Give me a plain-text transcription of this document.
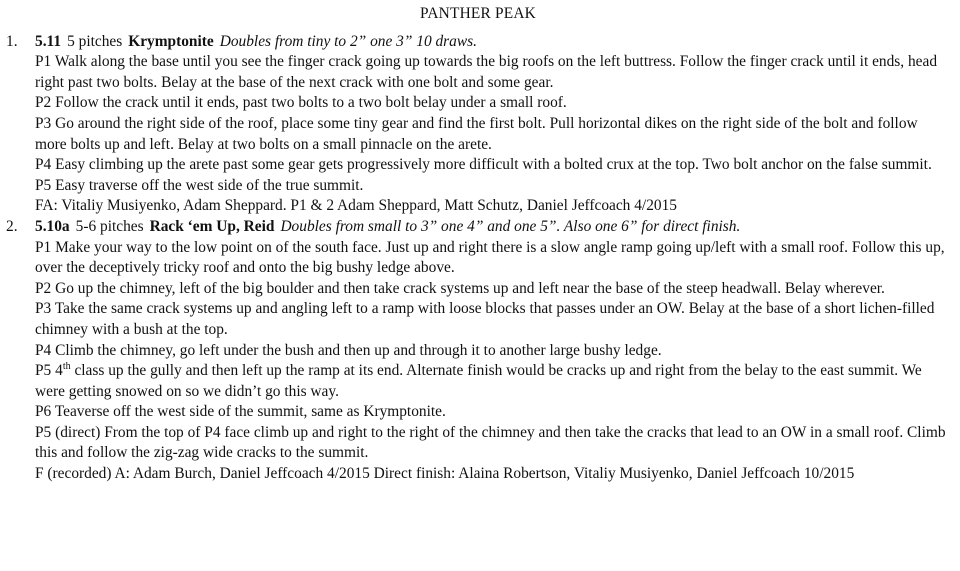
PANTHER PEAK
1.	5.11 5 pitches Krymptonite Doubles from tiny to 2” one 3” 10 draws.

P1 Walk along the base until you see the finger crack going up towards the big roofs on the left buttress. Follow the finger crack until it ends, head right past two bolts. Belay at the base of the next crack with one bolt and some gear.

P2 Follow the crack until it ends, past two bolts to a two bolt belay under a small roof.

P3 Go around the right side of the roof, place some tiny gear and find the first bolt. Pull horizontal dikes on the right side of the bolt and follow more bolts up and left. Belay at two bolts on a small pinnacle on the arete.

P4 Easy climbing up the arete past some gear gets progressively more difficult with a bolted crux at the top. Two bolt anchor on the false summit.

P5 Easy traverse off the west side of the true summit.

FA: Vitaliy Musiyenko, Adam Sheppard. P1 & 2 Adam Sheppard, Matt Schutz, Daniel Jeffcoach 4/2015

2.	5.10a 5-6 pitches Rack ‘em Up, Reid Doubles from small to 3” one 4” and one 5”. Also one 6” for direct finish.

P1 Make your way to the low point on of the south face. Just up and right there is a slow angle ramp going up/left with a small roof. Follow this up, over the deceptively tricky roof and onto the big bushy ledge above.

P2 Go up the chimney, left of the big boulder and then take crack systems up and left near the base of the steep headwall. Belay wherever.

P3 Take the same crack systems up and angling left to a ramp with loose blocks that passes under an OW. Belay at the base of a short lichen-filled chimney with a bush at the top.

P4 Climb the chimney, go left under the bush and then up and through it to another large bushy ledge.

P5 4th class up the gully and then left up the ramp at its end. Alternate finish would be cracks up and right from the belay to the east summit. We were getting snowed on so we didn’t go this way.

P6 Teaverse off the west side of the summit, same as Krymptonite.

P5 (direct) From the top of P4 face climb up and right to the right of the chimney and then take the cracks that lead to an OW in a small roof. Climb this and follow the zig-zag wide cracks to the summit.

F (recorded) A: Adam Burch, Daniel Jeffcoach 4/2015 Direct finish: Alaina Robertson, Vitaliy Musiyenko, Daniel Jeffcoach 10/2015
